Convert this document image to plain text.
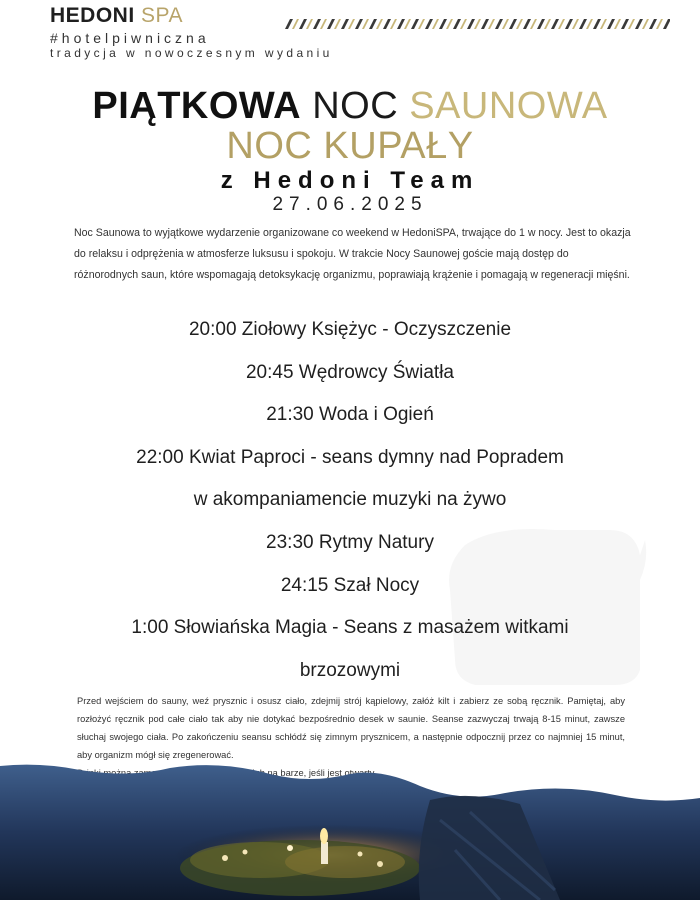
HEDONI SPA
#hotelpiwniczna
tradycja w nowoczesnym wydaniu
PIĄTKOWA NOC SAUNOWA
NOC KUPAŁY
z Hedoni Team
27.06.2025
Noc Saunowa to wyjątkowe wydarzenie organizowane co weekend w HedoniSPA, trwające do 1 w nocy. Jest to okazja do relaksu i odprężenia w atmosferze luksusu i spokoju. W trakcie Nocy Saunowej goście mają dostęp do różnorodnych saun, które wspomagają detoksykację organizmu, poprawiają krążenie i pomagają w regeneracji mięśni.
20:00 Ziołowy Księżyc - Oczyszczenie
20:45 Wędrowcy Światła
21:30 Woda i Ogień
22:00 Kwiat Paproci - seans dymny nad Popradem
w akompaniamencie muzyki na żywo
23:30 Rytmy Natury
24:15 Szał Nocy
1:00 Słowiańska Magia - Seans z masażem witkami
brzozowymi

Przed wejściem do sauny, weź prysznic i osusz ciało, zdejmij strój kąpielowy, załóż kilt i zabierz ze sobą ręcznik. Pamiętaj, aby rozłożyć ręcznik pod całe ciało tak aby nie dotykać bezpośrednio desek w saunie. Seanse zazwyczaj trwają 8-15 minut, zawsze słuchaj swojego ciała. Po zakończeniu seansu schłódź się zimnym prysznicem, a następnie odpocznij przez co najmniej 15 minut, aby organizm mógł się zregenerować.
